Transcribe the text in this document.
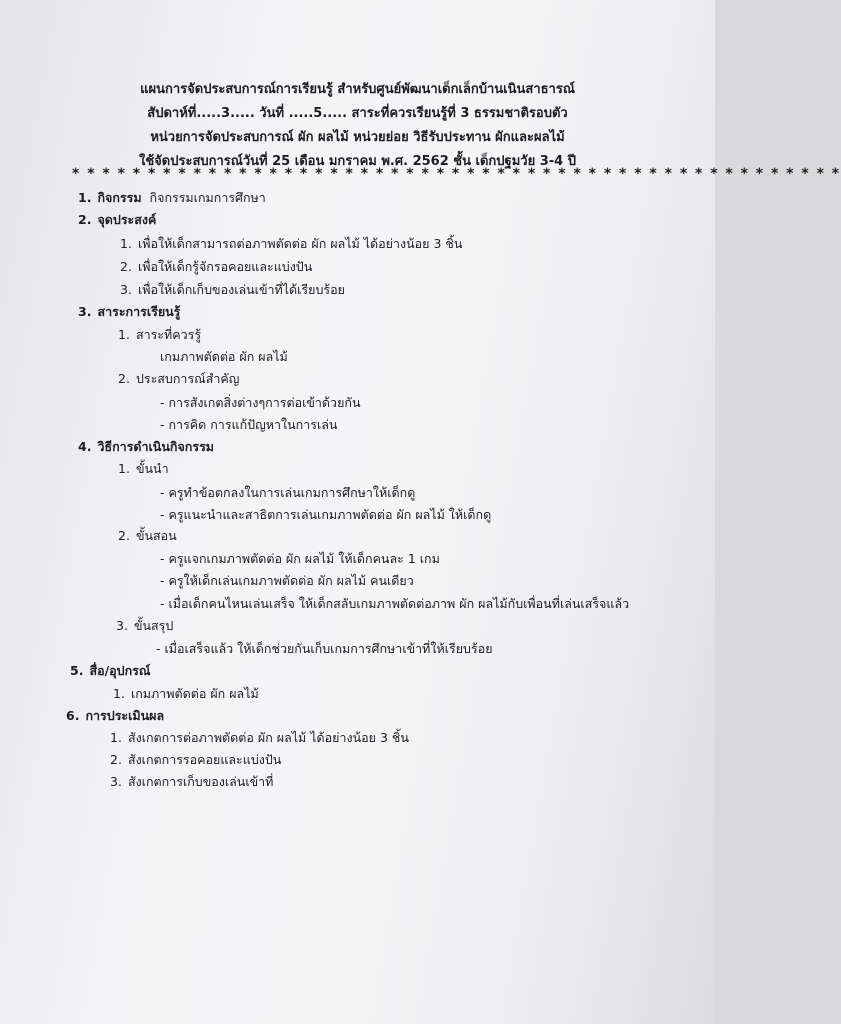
แผนการจัดประสบการณ์การเรียนรู้ สำหรับศูนย์พัฒนาเด็กเล็กบ้านเนินสาธารณ์
สัปดาห์ที่.....3..... วันที่ .....5..... สาระที่ควรเรียนรู้ที่ 3 ธรรมชาติรอบตัว
หน่วยการจัดประสบการณ์ ผัก ผลไม้ หน่วยย่อย วิธีรับประทาน ผักและผลไม้
ใช้จัดประสบการณ์วันที่ 25 เดือน มกราคม พ.ศ. 2562 ชั้น เด็กปฐมวัย 3-4 ปี
* * * * * * * * * * * * * * * * * * * * * * * * * * * * * * * * * * * * * * * * * * * * * * * * * * *
1. กิจกรรม กิจกรรมเกมการศึกษา
2. จุดประสงค์
1. เพื่อให้เด็กสามารถต่อภาพตัดต่อ ผัก ผลไม้ ได้อย่างน้อย 3 ชิ้น
2. เพื่อให้เด็กรู้จักรอคอยและแบ่งปัน
3. เพื่อให้เด็กเก็บของเล่นเข้าที่ได้เรียบร้อย
3. สาระการเรียนรู้
1. สาระที่ควรรู้
เกมภาพตัดต่อ ผัก ผลไม้
2. ประสบการณ์สำคัญ
- การสังเกตสิ่งต่างๆการต่อเข้าด้วยกัน
- การคิด การแก้ปัญหาในการเล่น
4. วิธีการดำเนินกิจกรรม
1. ขั้นนำ
- ครูทำข้อตกลงในการเล่นเกมการศึกษาให้เด็กดู
- ครูแนะนำและสาธิตการเล่นเกมภาพตัดต่อ ผัก ผลไม้ ให้เด็กดู
2. ขั้นสอน
- ครูแจกเกมภาพตัดต่อ ผัก ผลไม้ ให้เด็กคนละ 1 เกม
- ครูให้เด็กเล่นเกมภาพตัดต่อ ผัก ผลไม้ คนเดียว
- เมื่อเด็กคนไหนเล่นเสร็จ ให้เด็กสลับเกมภาพตัดต่อภาพ ผัก ผลไม้กับเพื่อนที่เล่นเสร็จแล้ว
3. ขั้นสรุป
- เมื่อเสร็จแล้ว ให้เด็กช่วยกันเก็บเกมการศึกษาเข้าที่ให้เรียบร้อย
5. สื่อ/อุปกรณ์
1. เกมภาพตัดต่อ ผัก ผลไม้
6. การประเมินผล
1. สังเกตการต่อภาพตัดต่อ ผัก ผลไม้ ได้อย่างน้อย 3 ชิ้น
2. สังเกตการรอคอยและแบ่งปัน
3. สังเกตการเก็บของเล่นเข้าที่
